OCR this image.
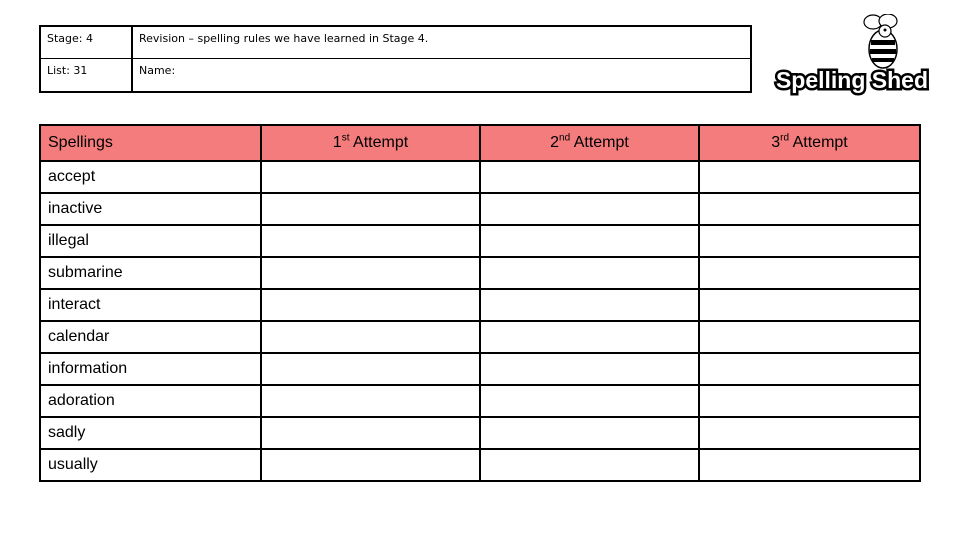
Stage: 4	Revision – spelling rules we have learned in Stage 4.
List: 31	Name:	Spelling Shed
Spellings	1st Attempt	2nd Attempt	3rd Attempt
accept			
inactive			
illegal			
submarine			
interact			
calendar			
information			
adoration			
sadly			
usually			
